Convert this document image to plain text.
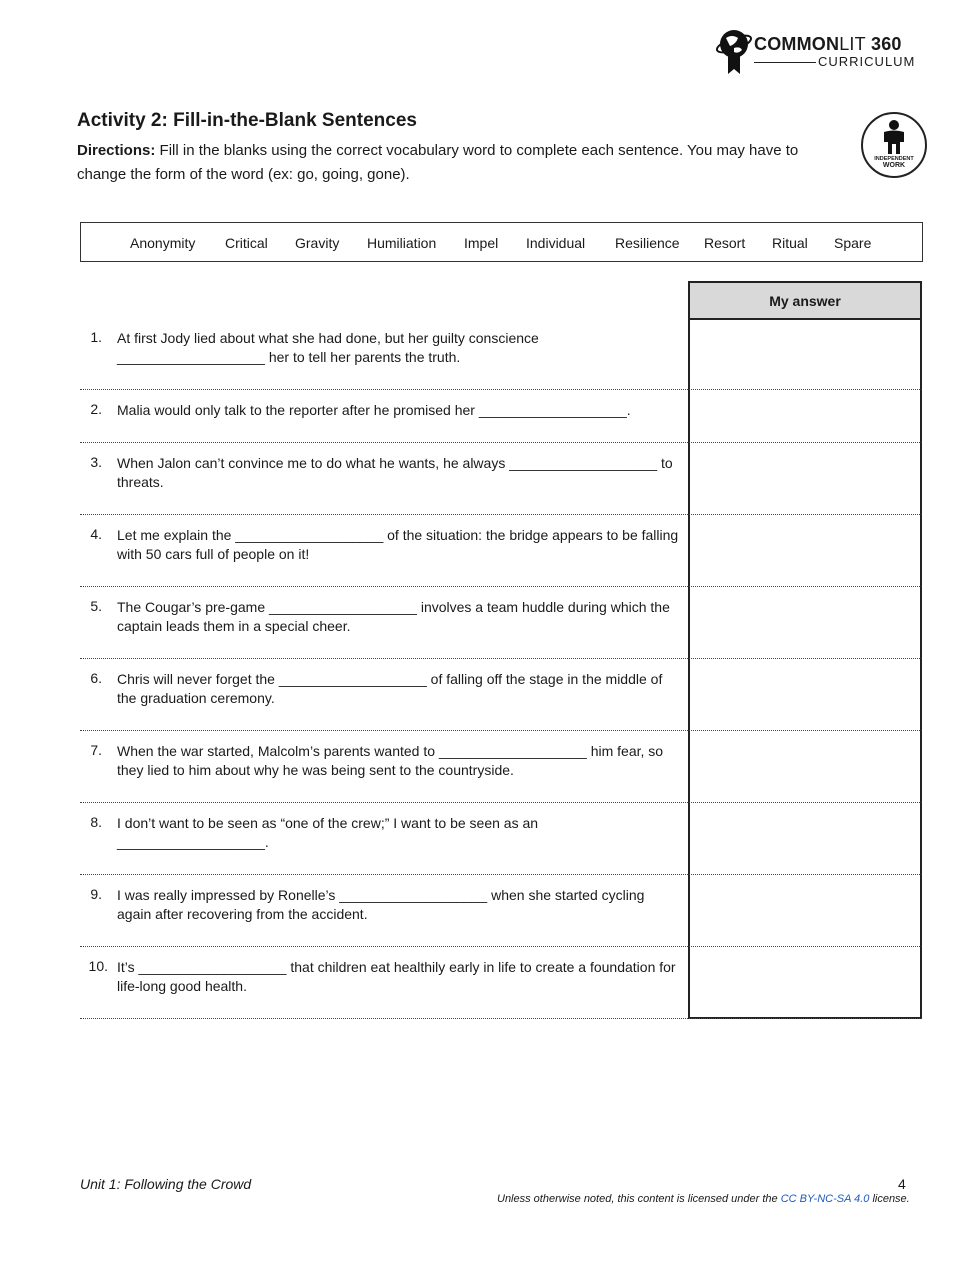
COMMONLIT 360
CURRICULUM
Activity 2: Fill-in-the-Blank Sentences
Directions: Fill in the blanks using the correct vocabulary word to complete each sentence. You may have to change the form of the word (ex: go, going, gone).
INDEPENDENT
WORK
Anonymity Critical Gravity Humiliation Impel Individual Resilience Resort Ritual Spare
My answer
1. At first Jody lied about what she had done, but her guilty conscience ___________________ her to tell her parents the truth.
2. Malia would only talk to the reporter after he promised her ___________________.
3. When Jalon can’t convince me to do what he wants, he always ___________________ to threats.
4. Let me explain the ___________________ of the situation: the bridge appears to be falling with 50 cars full of people on it!
5. The Cougar’s pre-game ___________________ involves a team huddle during which the captain leads them in a special cheer.
6. Chris will never forget the ___________________ of falling off the stage in the middle of the graduation ceremony.
7. When the war started, Malcolm’s parents wanted to ___________________ him fear, so they lied to him about why he was being sent to the countryside.
8. I don’t want to be seen as “one of the crew;” I want to be seen as an ___________________.
9. I was really impressed by Ronelle’s ___________________ when she started cycling again after recovering from the accident.
10. It’s ___________________ that children eat healthily early in life to create a foundation for life-long good health.
Unit 1: Following the Crowd	4
Unless otherwise noted, this content is licensed under the CC BY-NC-SA 4.0 license.
